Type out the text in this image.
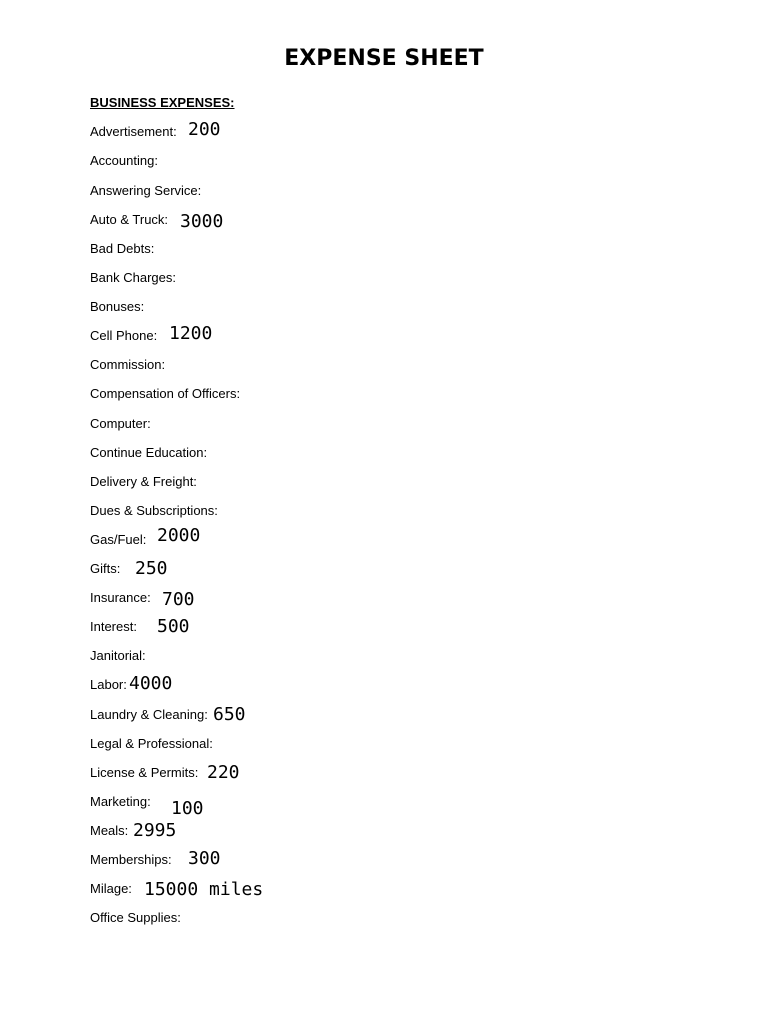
EXPENSE SHEET
BUSINESS EXPENSES:
Advertisement: 200
Accounting:
Answering Service:
Auto & Truck: 3000
Bad Debts:
Bank Charges:
Bonuses:
Cell Phone: 1200
Commission:
Compensation of Officers:
Computer:
Continue Education:
Delivery & Freight:
Dues & Subscriptions:
Gas/Fuel: 2000
Gifts: 250
Insurance: 700
Interest: 500
Janitorial:
Labor: 4000
Laundry & Cleaning: 650
Legal & Professional:
License & Permits: 220
Marketing: 100
Meals: 2995
Memberships: 300
Milage: 15000 miles
Office Supplies:
